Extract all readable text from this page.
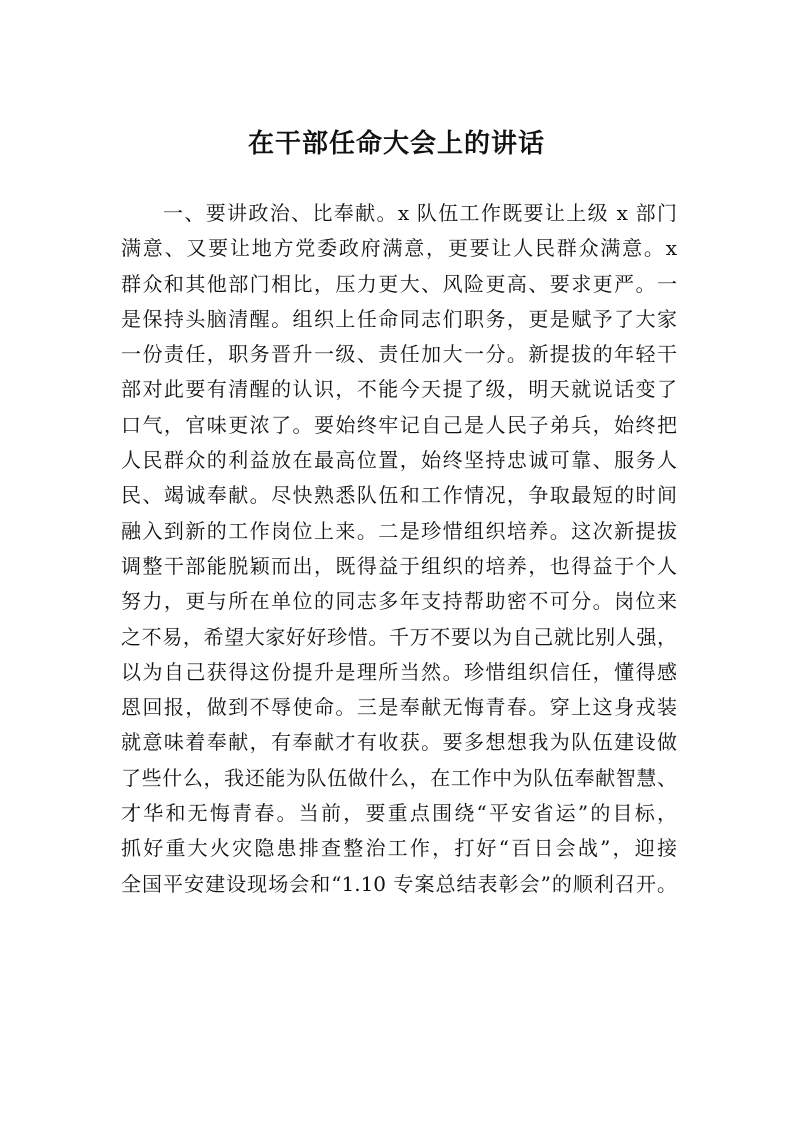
在干部任命大会上的讲话
一、要讲政治、比奉献。x 队伍工作既要让上级 x 部门
满意、又要让地方党委政府满意，更要让人民群众满意。x
群众和其他部门相比，压力更大、风险更高、要求更严。一
是保持头脑清醒。组织上任命同志们职务，更是赋予了大家
一份责任，职务晋升一级、责任加大一分。新提拔的年轻干
部对此要有清醒的认识，不能今天提了级，明天就说话变了
口气，官味更浓了。要始终牢记自己是人民子弟兵，始终把
人民群众的利益放在最高位置，始终坚持忠诚可靠、服务人
民、竭诚奉献。尽快熟悉队伍和工作情况，争取最短的时间
融入到新的工作岗位上来。二是珍惜组织培养。这次新提拔
调整干部能脱颖而出，既得益于组织的培养，也得益于个人
努力，更与所在单位的同志多年支持帮助密不可分。岗位来
之不易，希望大家好好珍惜。千万不要以为自己就比别人强，
以为自己获得这份提升是理所当然。珍惜组织信任，懂得感
恩回报，做到不辱使命。三是奉献无悔青春。穿上这身戎装
就意味着奉献，有奉献才有收获。要多想想我为队伍建设做
了些什么，我还能为队伍做什么，在工作中为队伍奉献智慧、
才华和无悔青春。当前，要重点围绕“平安省运”的目标，
抓好重大火灾隐患排查整治工作，打好“百日会战”，迎接
全国平安建设现场会和“1.10 专案总结表彰会”的顺利召开。
